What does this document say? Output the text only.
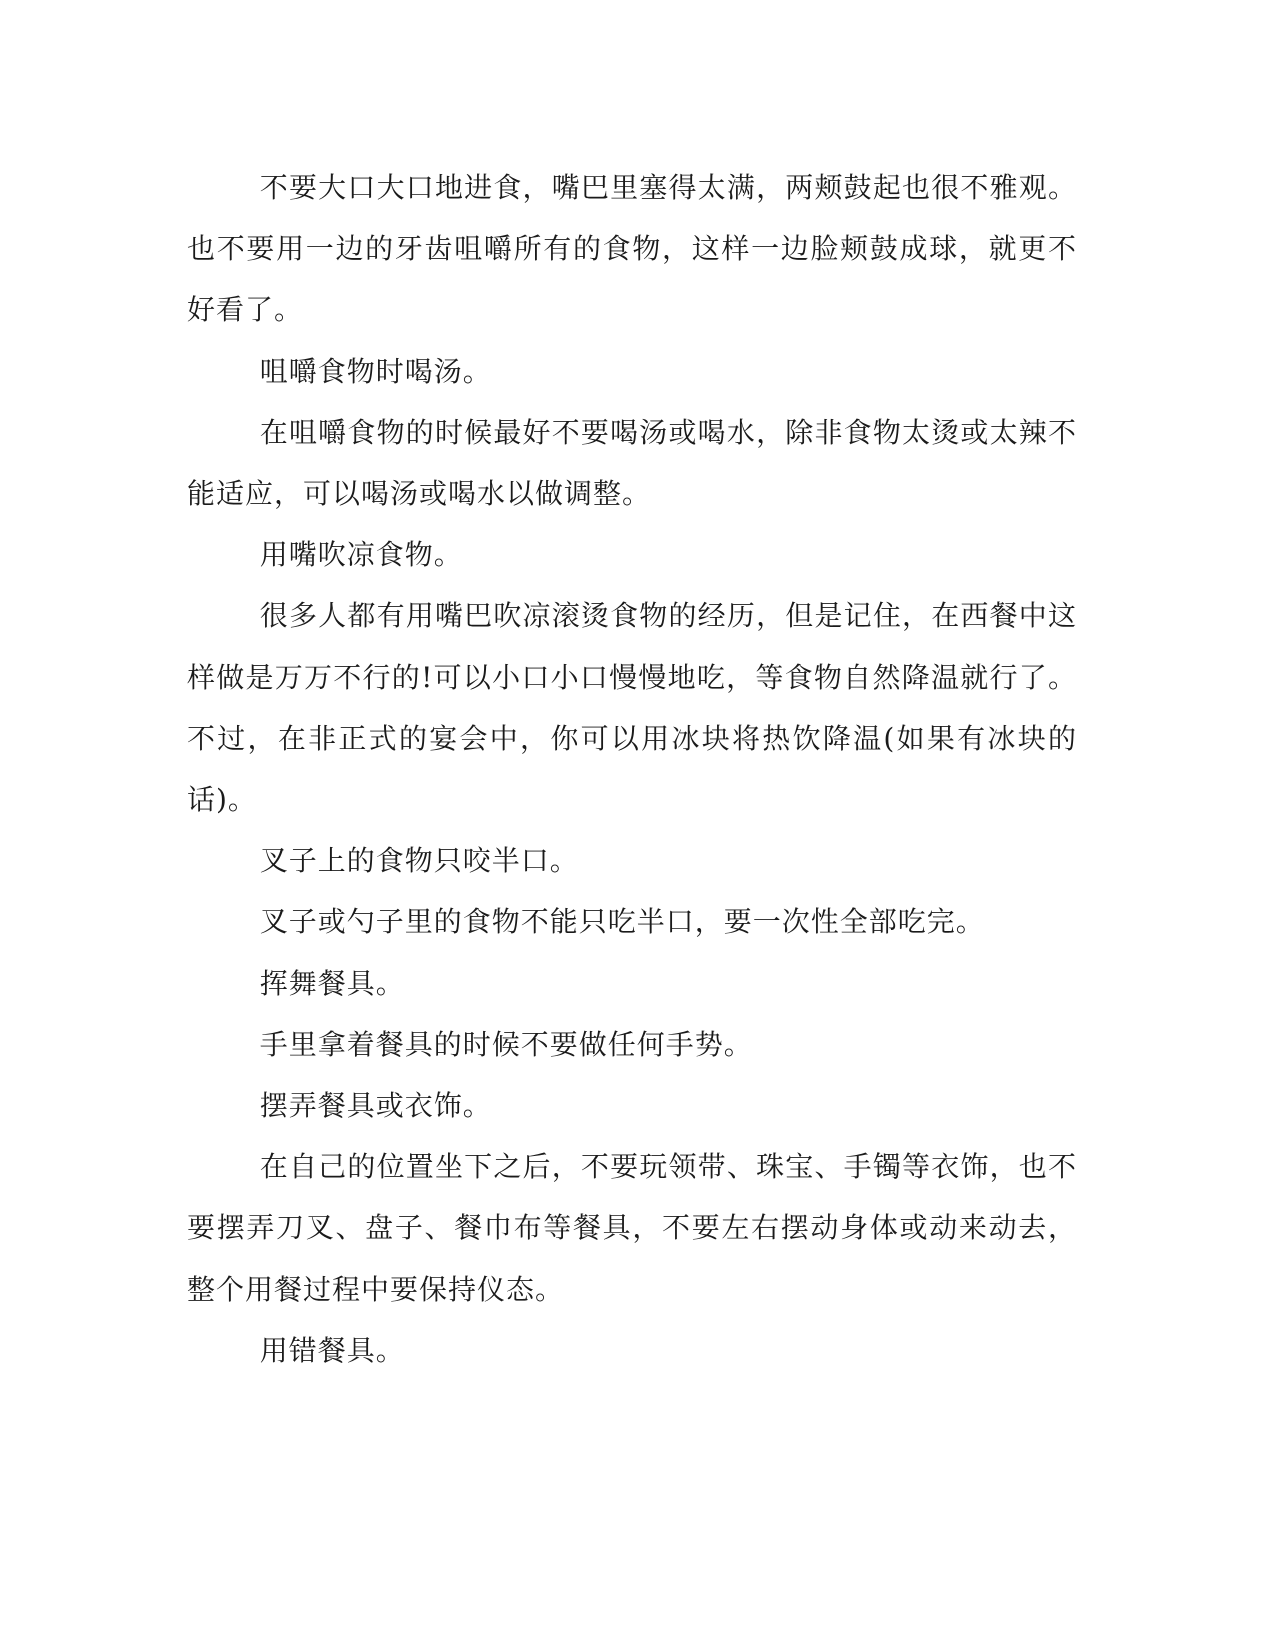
不要大口大口地进食，嘴巴里塞得太满，两颊鼓起也很不雅观。也不要用一边的牙齿咀嚼所有的食物，这样一边脸颊鼓成球，就更不好看了。

咀嚼食物时喝汤。

在咀嚼食物的时候最好不要喝汤或喝水，除非食物太烫或太辣不能适应，可以喝汤或喝水以做调整。

用嘴吹凉食物。

很多人都有用嘴巴吹凉滚烫食物的经历，但是记住，在西餐中这样做是万万不行的!可以小口小口慢慢地吃，等食物自然降温就行了。不过，在非正式的宴会中，你可以用冰块将热饮降温(如果有冰块的话)。

叉子上的食物只咬半口。

叉子或勺子里的食物不能只吃半口，要一次性全部吃完。

挥舞餐具。

手里拿着餐具的时候不要做任何手势。

摆弄餐具或衣饰。

在自己的位置坐下之后，不要玩领带、珠宝、手镯等衣饰，也不要摆弄刀叉、盘子、餐巾布等餐具，不要左右摆动身体或动来动去，整个用餐过程中要保持仪态。

用错餐具。
